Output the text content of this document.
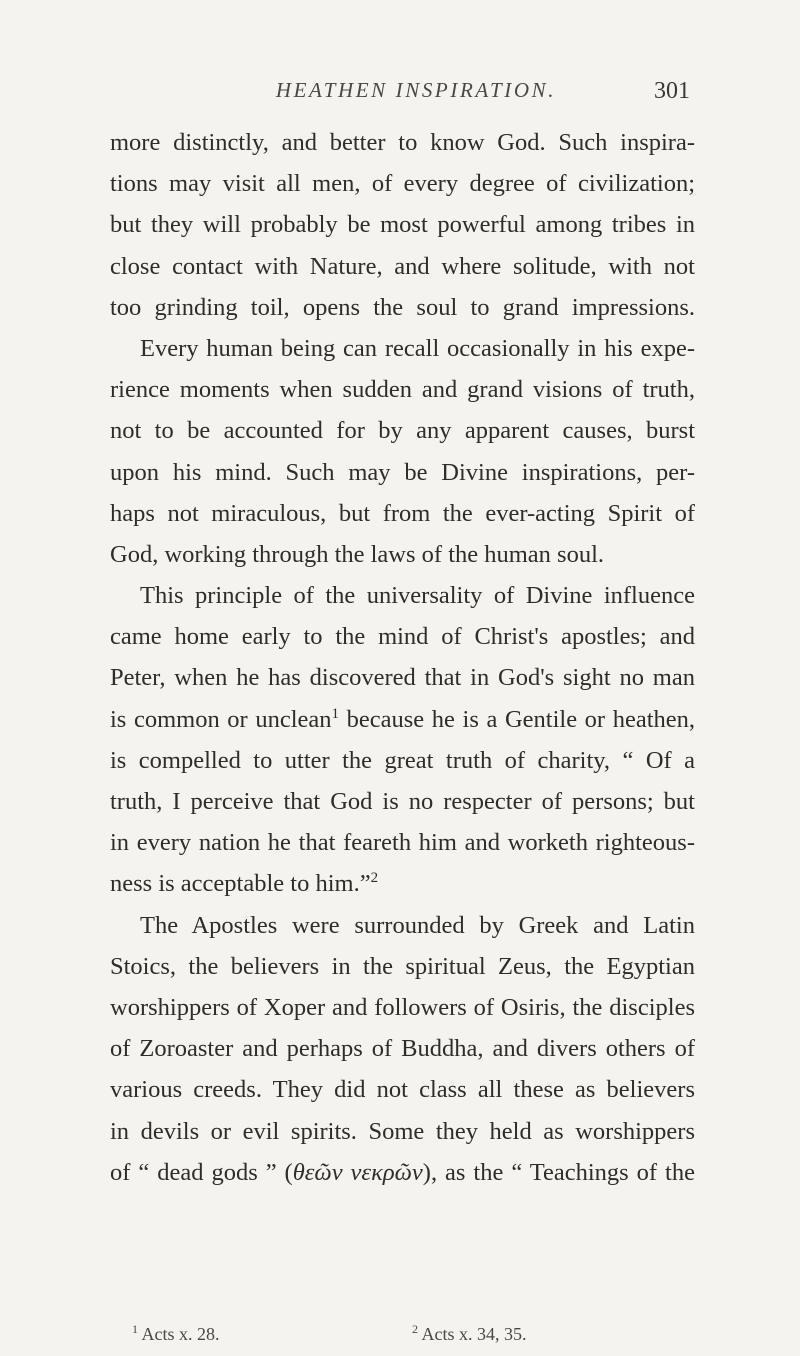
HEATHEN INSPIRATION.	301
more distinctly, and better to know God. Such inspira-
tions may visit all men, of every degree of civilization;
but they will probably be most powerful among tribes in
close contact with Nature, and where solitude, with not
too grinding toil, opens the soul to grand impressions.
Every human being can recall occasionally in his expe-
rience moments when sudden and grand visions of truth,
not to be accounted for by any apparent causes, burst
upon his mind. Such may be Divine inspirations, per-
haps not miraculous, but from the ever-acting Spirit of
God, working through the laws of the human soul.
This principle of the universality of Divine influence
came home early to the mind of Christ's apostles; and
Peter, when he has discovered that in God's sight no man
is common or unclean$^1$ because he is a Gentile or heathen,
is compelled to utter the great truth of charity, “ Of a
truth, I perceive that God is no respecter of persons; but
in every nation he that feareth him and worketh righteous-
ness is acceptable to him.”$^2$
The Apostles were surrounded by Greek and Latin
Stoics, the believers in the spiritual Zeus, the Egyptian
worshippers of Xoper and followers of Osiris, the disciples
of Zoroaster and perhaps of Buddha, and divers others of
various creeds. They did not class all these as believers
in devils or evil spirits. Some they held as worshippers
of “ dead gods ” (θεῶν νεκρῶν), as the “ Teachings of the
$^1$ Acts x. 28.	$^2$ Acts x. 34, 35.
